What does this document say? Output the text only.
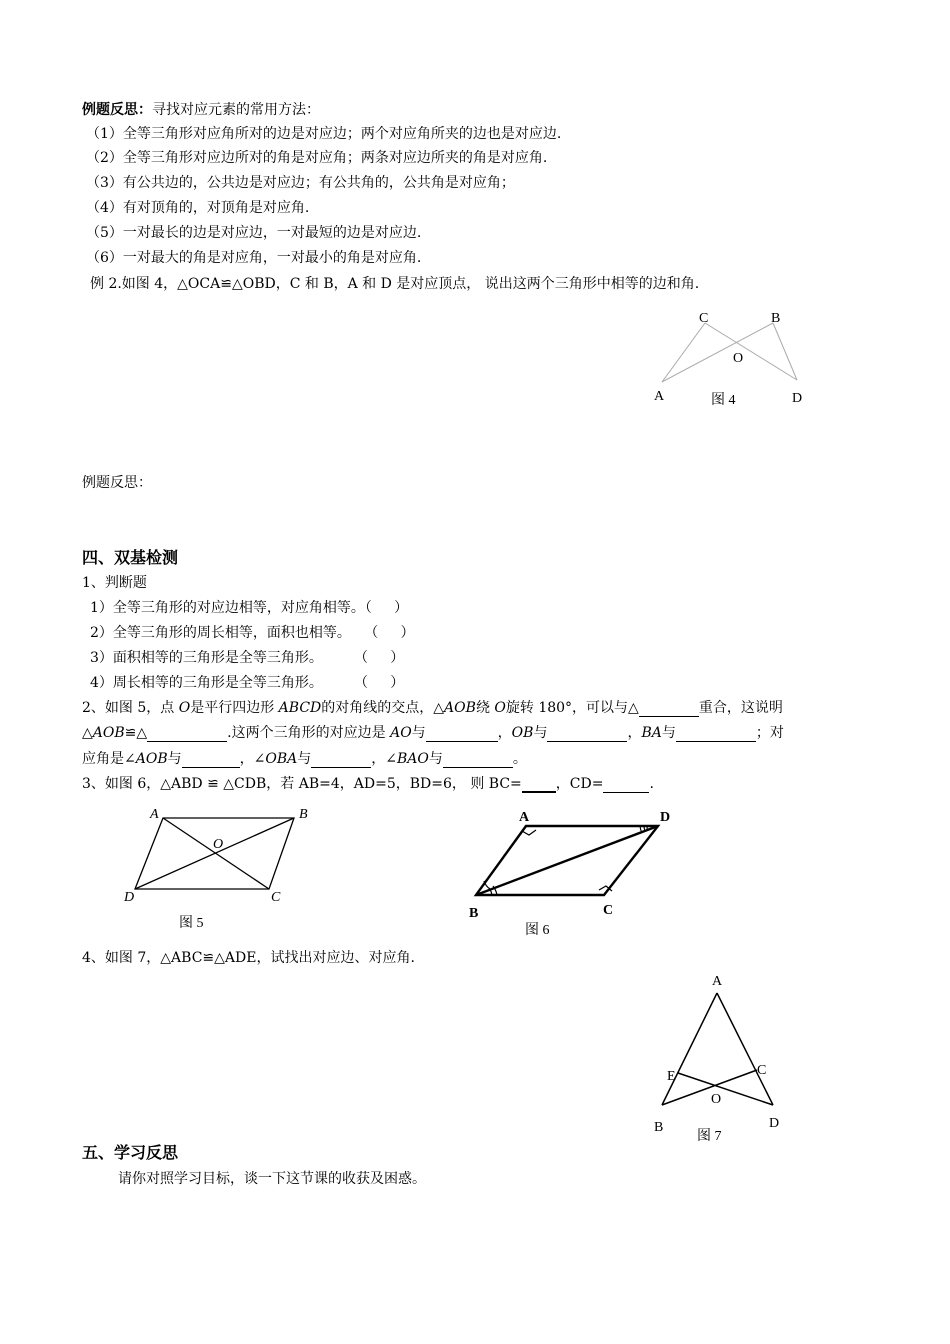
例题反思：寻找对应元素的常用方法：
（1）全等三角形对应角所对的边是对应边；两个对应角所夹的边也是对应边.
（2）全等三角形对应边所对的角是对应角；两条对应边所夹的角是对应角.
（3）有公共边的，公共边是对应边；有公共角的，公共角是对应角；
（4）有对顶角的，对顶角是对应角.
（5）一对最长的边是对应边，一对最短的边是对应边.
（6）一对最大的角是对应角，一对最小的角是对应角.
例 2.如图 4，△OCA≌△OBD，C 和 B，A 和 D 是对应顶点， 说出这两个三角形中相等的边和角.
C	B
O
A	D
图 4
例题反思：
四、双基检测
1、判断题
1）全等三角形的对应边相等，对应角相等。（     ）
2）全等三角形的周长相等，面积也相等。   （     ）
3）面积相等的三角形是全等三角形。       （     ）
4）周长相等的三角形是全等三角形。       （     ）
2、如图 5，点 O是平行四边形 ABCD的对角线的交点，△AOB绕 O旋转 180°，可以与△	重合，这说明
△AOB≌△	.这两个三角形的对应边是 AO与	，OB与	，BA与	；对
应角是∠AOB与	，∠OBA与	，∠BAO与	。
3、如图 6，△ABD ≌ △CDB，若 AB=4，AD=5，BD=6， 则 BC= ，CD=	.
A	B
O
D	C
图 5
A	D
B	C
图 6
4、如图 7，△ABC≌△ADE，试找出对应边、对应角.
A
E	C
O
B	D
图 7
五、学习反思
请你对照学习目标，谈一下这节课的收获及困惑。
